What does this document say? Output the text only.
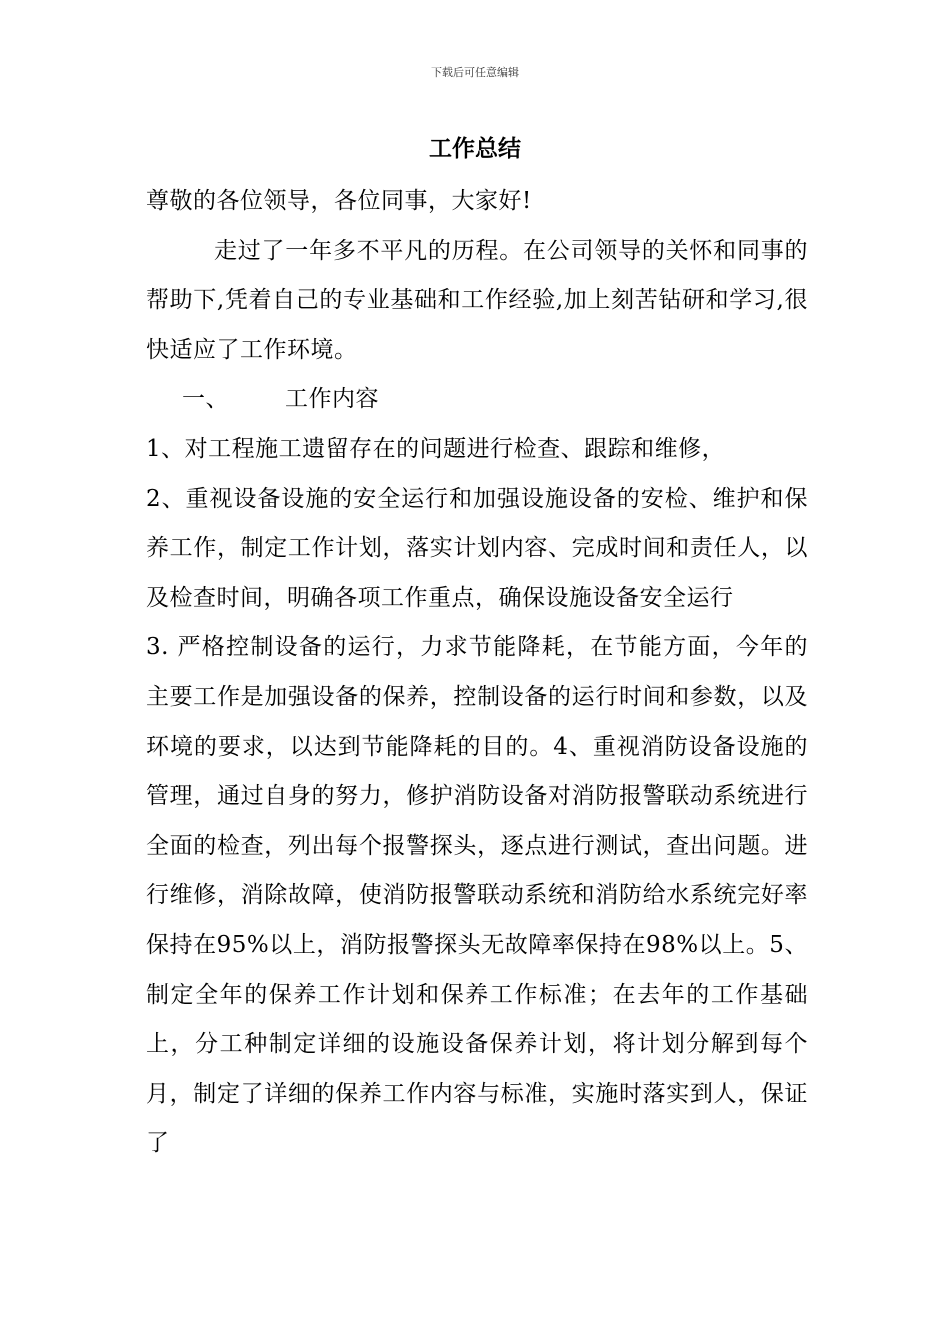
下载后可任意编辑
工作总结

尊敬的各位领导，各位同事，大家好!

走过了一年多不平凡的历程。在公司领导的关怀和同事的帮助下,凭着自己的专业基础和工作经验,加上刻苦钻研和学习,很快适应了工作环境。

一、 工作内容

1、对工程施工遗留存在的问题进行检查、跟踪和维修，

2、重视设备设施的安全运行和加强设施设备的安检、维护和保养工作，制定工作计划，落实计划内容、完成时间和责任人，以及检查时间，明确各项工作重点，确保设施设备安全运行

3. 严格控制设备的运行，力求节能降耗，在节能方面，今年的主要工作是加强设备的保养，控制设备的运行时间和参数，以及环境的要求，以达到节能降耗的目的。4、重视消防设备设施的管理，通过自身的努力，修护消防设备对消防报警联动系统进行全面的检查，列出每个报警探头，逐点进行测试，查出问题。进行维修，消除故障，使消防报警联动系统和消防给水系统完好率保持在95%以上，消防报警探头无故障率保持在98%以上。5、制定全年的保养工作计划和保养工作标准；在去年的工作基础上，分工种制定详细的设施设备保养计划，将计划分解到每个月，制定了详细的保养工作内容与标准，实施时落实到人，保证了
